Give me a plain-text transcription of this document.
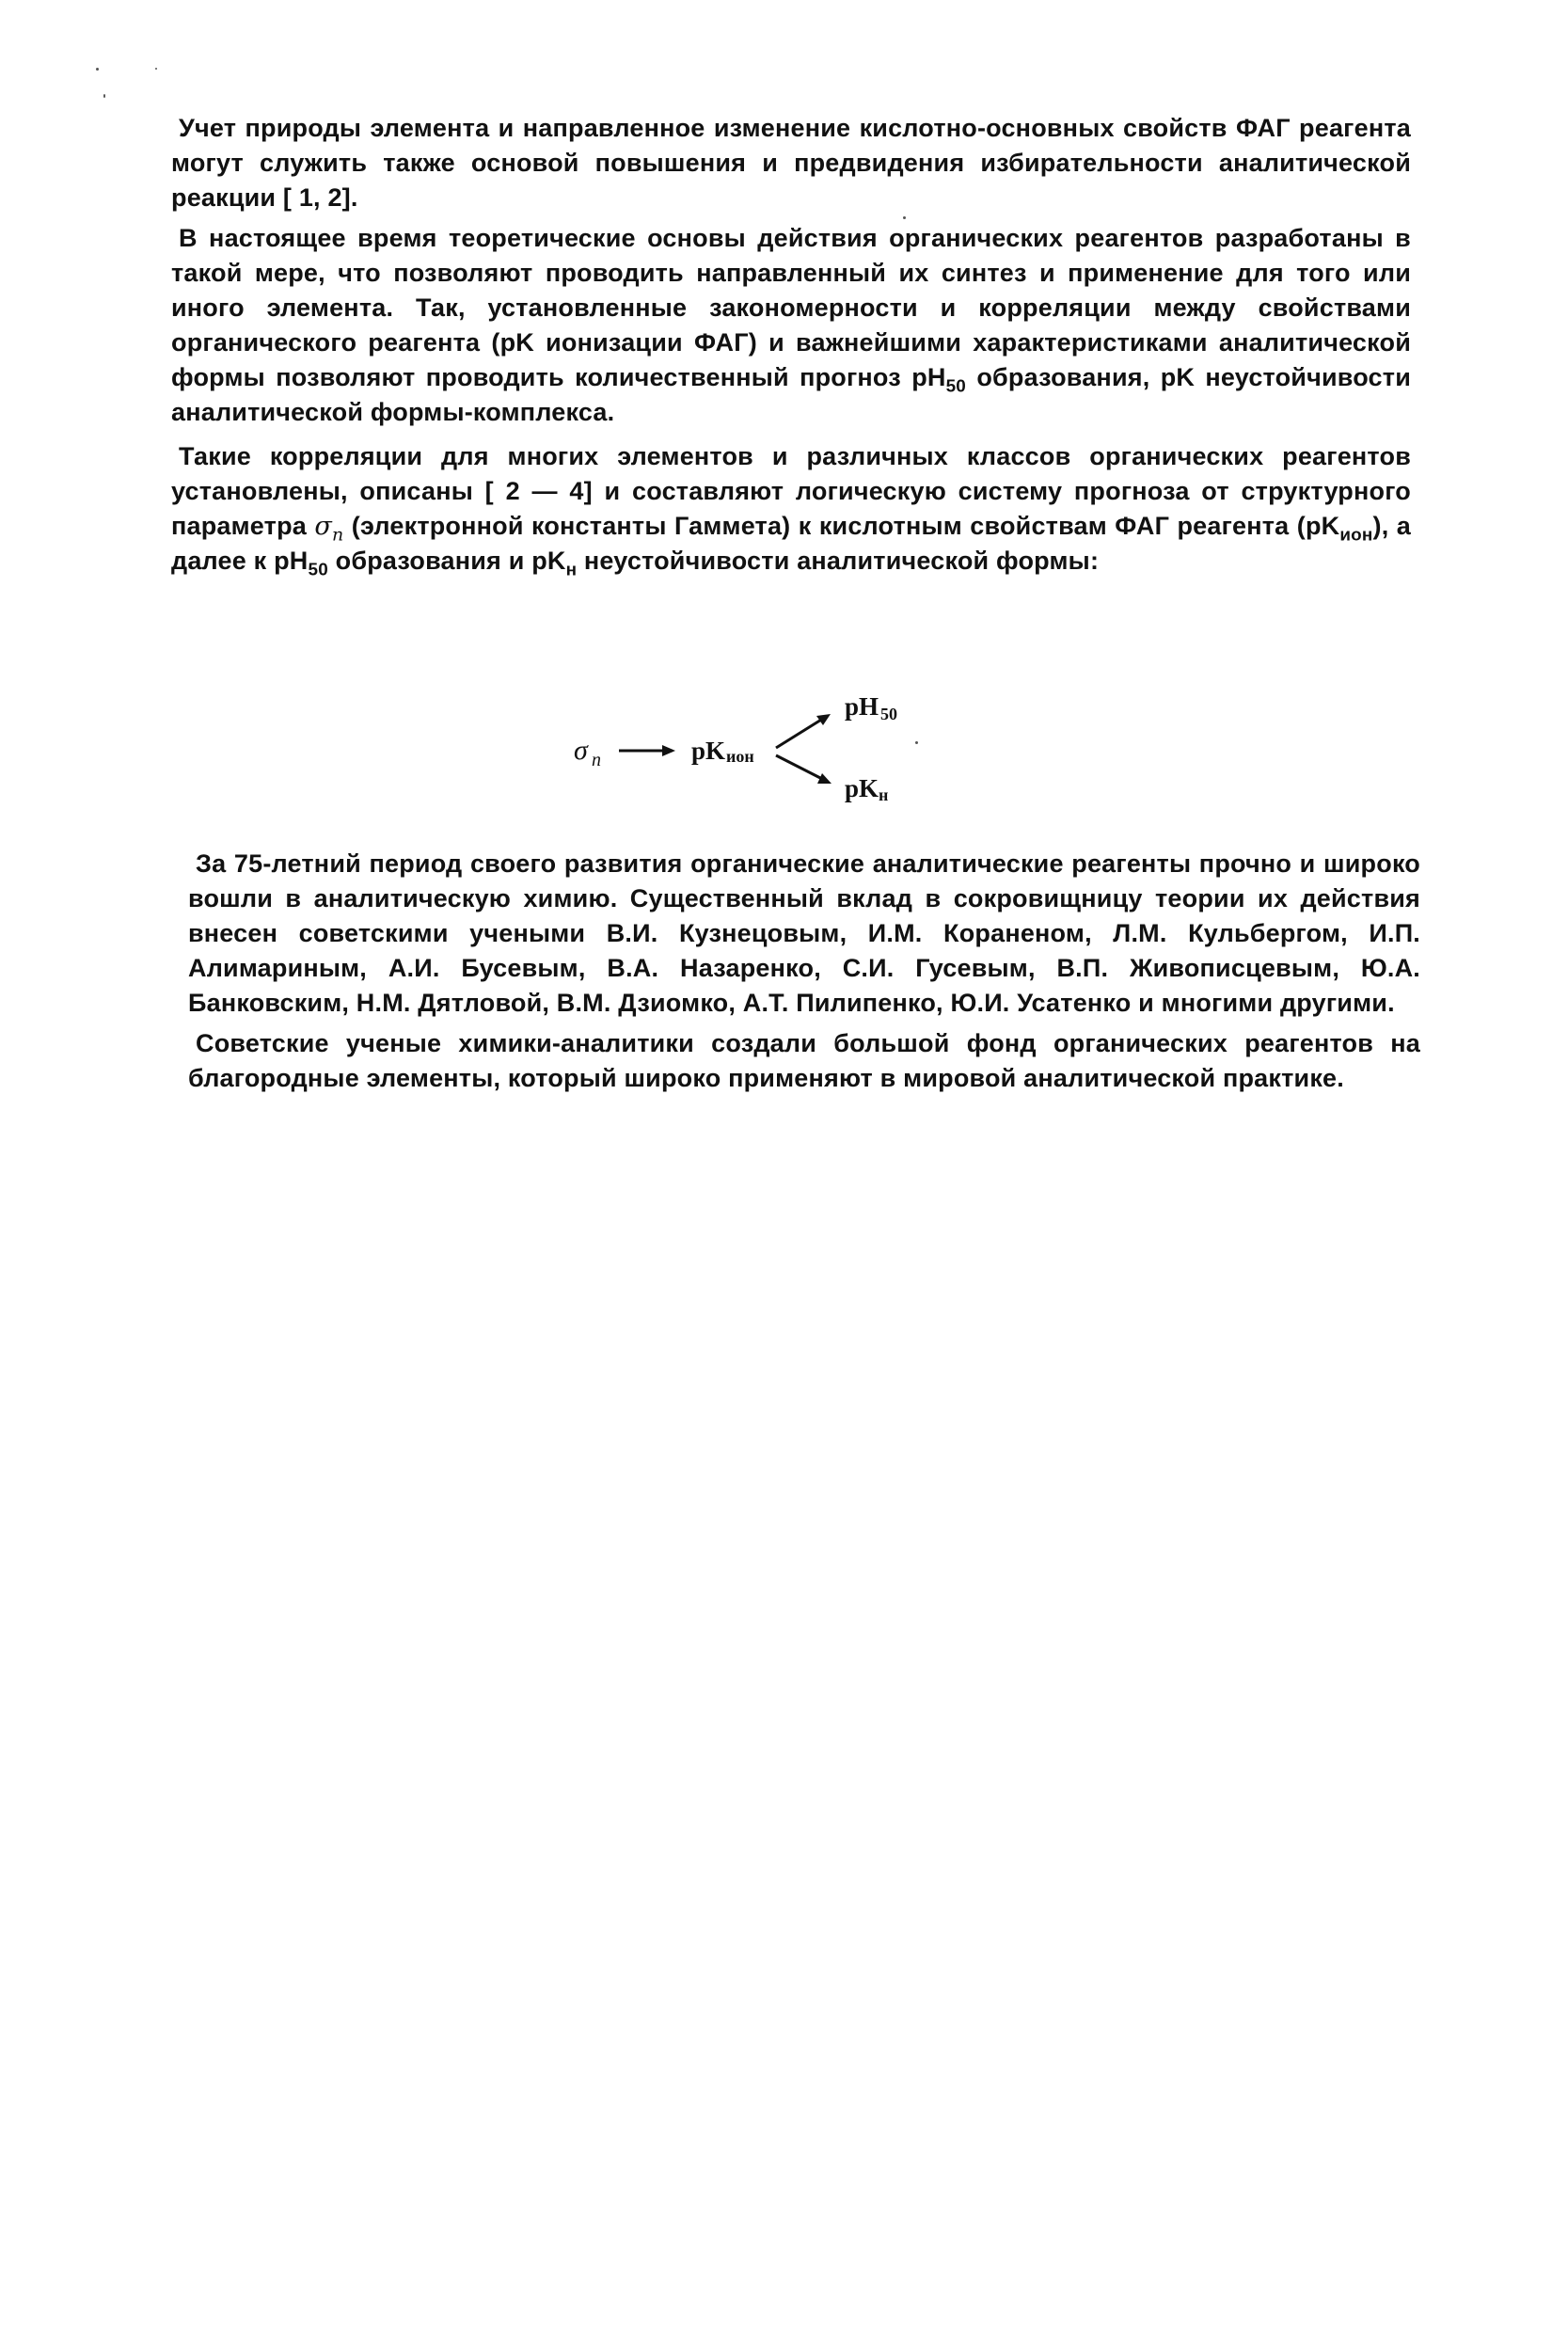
Учет природы элемента и направленное изменение кислотно-основных свойств ФАГ реагента могут служить также основой повышения и предвидения избирательности аналитической реакции [ 1, 2].

В настоящее время теоретические основы действия органических реагентов разработаны в такой мере, что позволяют проводить направленный их синтез и применение для того или иного элемента. Так, установленные закономерности и корреляции между свойствами органического реагента (pK ионизации ФАГ) и важнейшими характеристиками аналитической формы позволяют проводить количественный прогноз $pH_{50}$ образования, pK неустойчивости аналитической формы-комплекса.

Такие корреляции для многих элементов и различных классов органических реагентов установлены, описаны [ 2 — 4] и составляют логическую систему прогноза от структурного параметра $\sigma_n$ (электронной константы Гаммета) к кислотным свойствам ФАГ реагента $(pK_{ион})$, а далее к $pH_{50}$ образования и $pK_н$ неустойчивости аналитической формы:

σ n	pK ион
pH 50
pK н

За 75-летний период своего развития органические аналитические реагенты прочно и широко вошли в аналитическую химию. Существенный вклад в сокровищницу теории их действия внесен советскими учеными В.И. Кузнецовым, И.М. Кораненом, Л.М. Кульбергом, И.П. Алимариным, А.И. Бусевым, В.А. Назаренко, С.И. Гусевым, В.П. Живописцевым, Ю.А. Банковским, Н.М. Дятловой, В.М. Дзиомко, А.Т. Пилипенко, Ю.И. Усатенко и многими другими.

Советские ученые химики-аналитики создали большой фонд органических реагентов на благородные элементы, который широко применяют в мировой аналитической практике.
